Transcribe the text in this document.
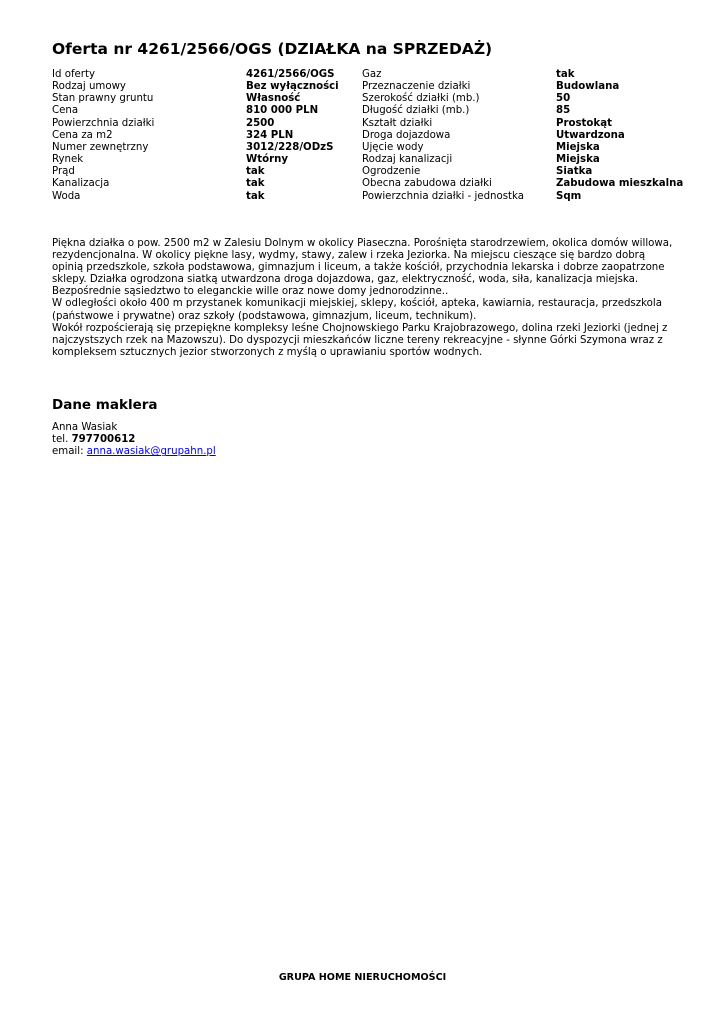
Oferta nr 4261/2566/OGS (DZIAŁKA na SPRZEDAŻ)
Id oferty	4261/2566/OGS	Gaz	tak
Rodzaj umowy	Bez wyłączności	Przeznaczenie działki	Budowlana
Stan prawny gruntu	Własność	Szerokość działki (mb.)	50
Cena	810 000 PLN	Długość działki (mb.)	85
Powierzchnia działki	2500	Kształt działki	Prostokąt
Cena za m2	324 PLN	Droga dojazdowa	Utwardzona
Numer zewnętrzny	3012/228/ODzS	Ujęcie wody	Miejska
Rynek	Wtórny	Rodzaj kanalizacji	Miejska
Prąd	tak	Ogrodzenie	Siatka
Kanalizacja	tak	Obecna zabudowa działki	Zabudowa mieszkalna
Woda	tak	Powierzchnia działki - jednostka	Sqm

Piękna działka o pow. 2500 m2 w Zalesiu Dolnym w okolicy Piaseczna. Porośnięta starodrzewiem, okolica domów willowa, rezydencjonalna. W okolicy piękne lasy, wydmy, stawy, zalew i rzeka Jeziorka. Na miejscu cieszące się bardzo dobrą opinią przedszkole, szkoła podstawowa, gimnazjum i liceum, a także kościół, przychodnia lekarska i dobrze zaopatrzone sklepy. Działka ogrodzona siatką utwardzona droga dojazdowa, gaz, elektryczność, woda, siła, kanalizacja miejska. Bezpośrednie sąsiedztwo to eleganckie wille oraz nowe domy jednorodzinne..

W odległości około 400 m przystanek komunikacji miejskiej, sklepy, kościół, apteka, kawiarnia, restauracja, przedszkola (państwowe i prywatne) oraz szkoły (podstawowa, gimnazjum, liceum, technikum).

Wokół rozpościerają się przepiękne kompleksy leśne Chojnowskiego Parku Krajobrazowego, dolina rzeki Jeziorki (jednej z najczystszych rzek na Mazowszu). Do dyspozycji mieszkańców liczne tereny rekreacyjne - słynne Górki Szymona wraz z kompleksem sztucznych jezior stworzonych z myślą o uprawianiu sportów wodnych.

Dane maklera
Anna Wasiak
tel. 797700612
email: anna.wasiak@grupahn.pl
GRUPA HOME NIERUCHOMOŚCI
